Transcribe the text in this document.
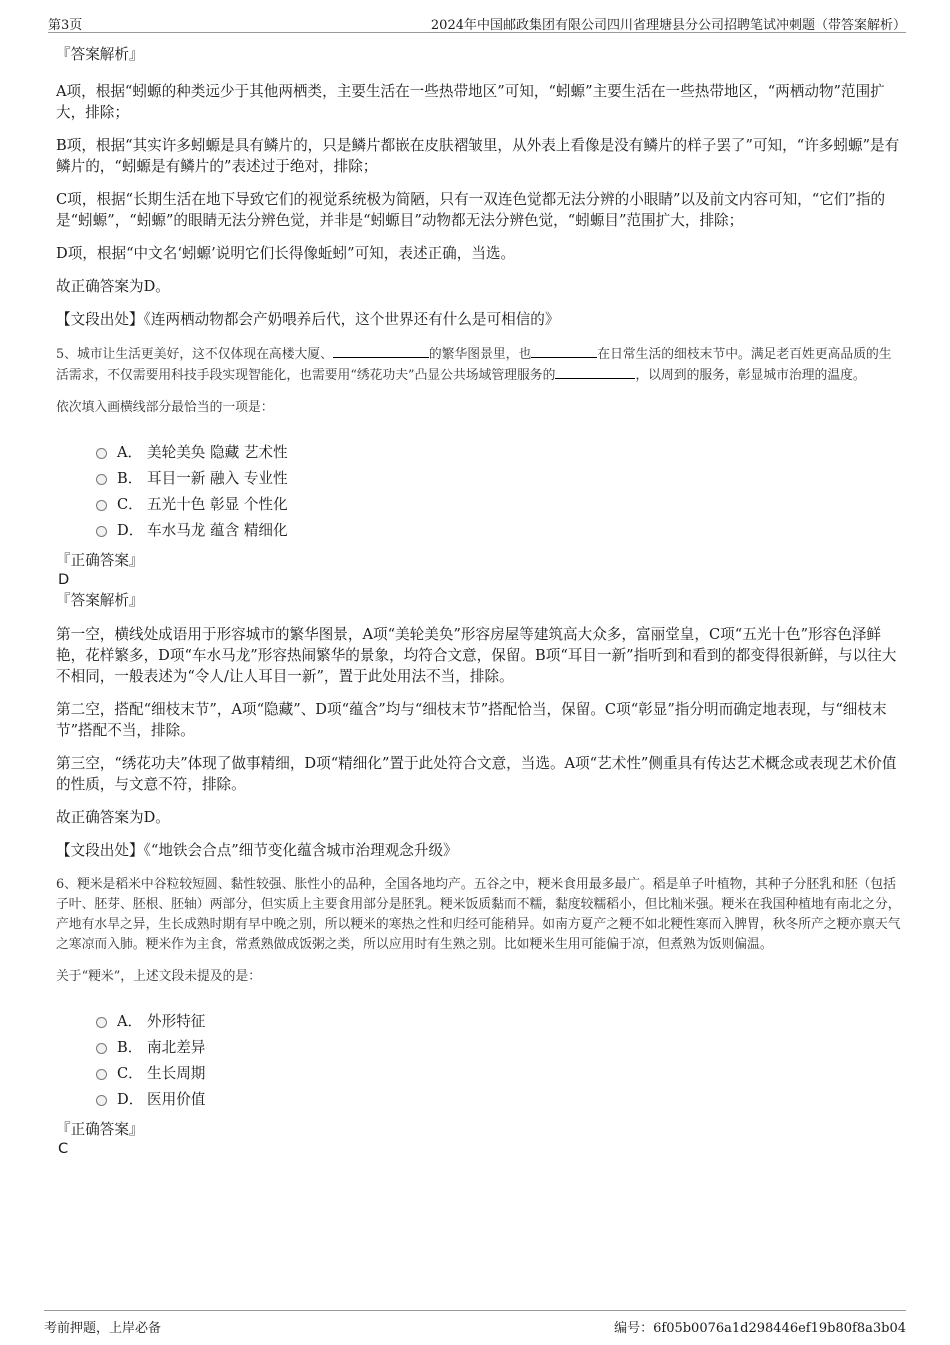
第3页	2024年中国邮政集团有限公司四川省理塘县分公司招聘笔试冲刺题（带答案解析）

『答案解析』

A项，根据“蚓螈的种类远少于其他两栖类，主要生活在一些热带地区”可知，“蚓螈”主要生活在一些热带地区，“两栖动物”范围扩大，排除；

B项，根据“其实许多蚓螈是具有鳞片的，只是鳞片都嵌在皮肤褶皱里，从外表上看像是没有鳞片的样子罢了”可知，“许多蚓螈”是有鳞片的，“蚓螈是有鳞片的”表述过于绝对，排除；

C项，根据“长期生活在地下导致它们的视觉系统极为简陋，只有一双连色觉都无法分辨的小眼睛”以及前文内容可知，“它们”指的是“蚓螈”，“蚓螈”的眼睛无法分辨色觉，并非是“蚓螈目”动物都无法分辨色觉，“蚓螈目”范围扩大，排除；

D项，根据“中文名‘蚓螈’说明它们长得像蚯蚓”可知，表述正确，当选。

故正确答案为D。

【文段出处】《连两栖动物都会产奶喂养后代，这个世界还有什么是可相信的》

5、城市让生活更美好，这不仅体现在高楼大厦、	的繁华图景里，也	在日常生活的细枝末节中。满足老百姓更高品质的生活需求，不仅需要用科技手段实现智能化，也需要用“绣花功夫”凸显公共场域管理服务的	，以周到的服务，彰显城市治理的温度。

依次填入画横线部分最恰当的一项是：

A． 美轮美奂 隐藏 艺术性
B． 耳目一新 融入 专业性
C． 五光十色 彰显 个性化
D． 车水马龙 蕴含 精细化

『正确答案』

D

『答案解析』

第一空，横线处成语用于形容城市的繁华图景，A项“美轮美奂”形容房屋等建筑高大众多，富丽堂皇，C项“五光十色”形容色泽鲜艳，花样繁多，D项“车水马龙”形容热闹繁华的景象，均符合文意，保留。B项“耳目一新”指听到和看到的都变得很新鲜，与以往大不相同，一般表述为“令人/让人耳目一新”，置于此处用法不当，排除。

第二空，搭配“细枝末节”，A项“隐藏”、D项“蕴含”均与“细枝末节”搭配恰当，保留。C项“彰显”指分明而确定地表现，与“细枝末节”搭配不当，排除。

第三空，“绣花功夫”体现了做事精细，D项“精细化”置于此处符合文意，当选。A项“艺术性”侧重具有传达艺术概念或表现艺术价值的性质，与文意不符，排除。

故正确答案为D。

【文段出处】《“地铁会合点”细节变化蕴含城市治理观念升级》

6、粳米是稻米中谷粒较短圆、黏性较强、胀性小的品种，全国各地均产。五谷之中，粳米食用最多最广。稻是单子叶植物，其种子分胚乳和胚（包括子叶、胚芽、胚根、胚轴）两部分，但实质上主要食用部分是胚乳。粳米饭质黏而不糯，黏度较糯稻小，但比籼米强。粳米在我国种植地有南北之分，产地有水旱之异，生长成熟时期有早中晚之别，所以粳米的寒热之性和归经可能稍异。如南方夏产之粳不如北粳性寒而入脾胃，秋冬所产之粳亦禀天气之寒凉而入肺。粳米作为主食，常煮熟做成饭粥之类，所以应用时有生熟之别。比如粳米生用可能偏于凉，但煮熟为饭则偏温。

关于“粳米”，上述文段未提及的是：

A． 外形特征
B． 南北差异
C． 生长周期
D． 医用价值

『正确答案』

C

考前押题，上岸必备	编号：6f05b0076a1d298446ef19b80f8a3b04
